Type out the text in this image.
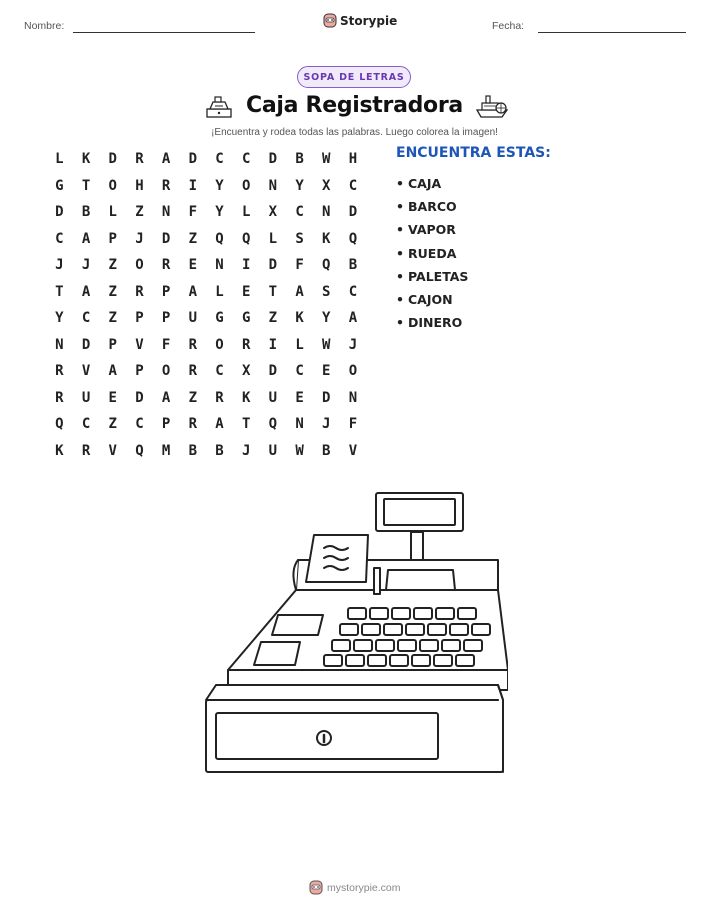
Nombre:	Storypie	Fecha:
SOPA DE LETRAS
Caja Registradora
¡Encuentra y rodea todas las palabras. Luego colorea la imagen!
L	K	D	R	A	D	C	C	D	B	W	H
G	T	O	H	R	I	Y	O	N	Y	X	C
D	B	L	Z	N	F	Y	L	X	C	N	D
C	A	P	J	D	Z	Q	Q	L	S	K	Q
J	J	Z	O	R	E	N	I	D	F	Q	B
T	A	Z	R	P	A	L	E	T	A	S	C
Y	C	Z	P	P	U	G	G	Z	K	Y	A
N	D	P	V	F	R	O	R	I	L	W	J
R	V	A	P	O	R	C	X	D	C	E	O
R	U	E	D	A	Z	R	K	U	E	D	N
Q	C	Z	C	P	R	A	T	Q	N	J	F
K	R	V	Q	M	B	B	J	U	W	B	V
ENCUENTRA ESTAS:
• CAJA
• BARCO
• VAPOR
• RUEDA
• PALETAS
• CAJON
• DINERO
mystorypie.com
